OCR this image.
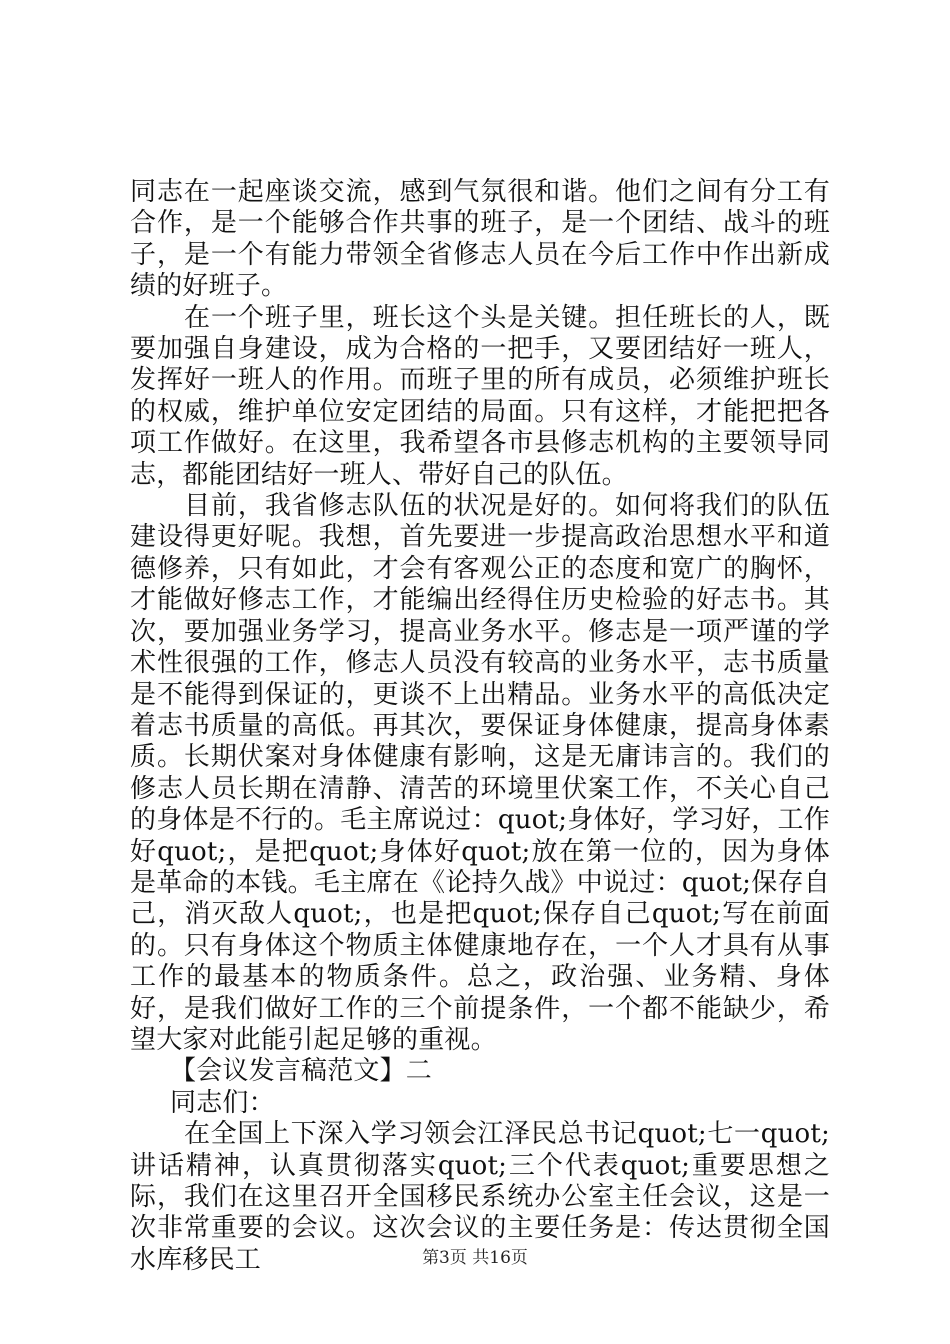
同志在一起座谈交流，感到气氛很和谐。他们之间有分工有合作，是一个能够合作共事的班子，是一个团结、战斗的班子，是一个有能力带领全省修志人员在今后工作中作出新成绩的好班子。

在一个班子里，班长这个头是关键。担任班长的人，既要加强自身建设，成为合格的一把手，又要团结好一班人，发挥好一班人的作用。而班子里的所有成员，必须维护班长的权威，维护单位安定团结的局面。只有这样，才能把把各项工作做好。在这里，我希望各市县修志机构的主要领导同志，都能团结好一班人、带好自己的队伍。

目前，我省修志队伍的状况是好的。如何将我们的队伍建设得更好呢。我想，首先要进一步提高政治思想水平和道德修养，只有如此，才会有客观公正的态度和宽广的胸怀，才能做好修志工作，才能编出经得住历史检验的好志书。其次，要加强业务学习，提高业务水平。修志是一项严谨的学术性很强的工作，修志人员没有较高的业务水平，志书质量是不能得到保证的，更谈不上出精品。业务水平的高低决定着志书质量的高低。再其次，要保证身体健康，提高身体素质。长期伏案对身体健康有影响，这是无庸讳言的。我们的修志人员长期在清静、清苦的环境里伏案工作，不关心自己的身体是不行的。毛主席说过：quot;身体好，学习好，工作好quot;，是把quot;身体好quot;放在第一位的，因为身体是革命的本钱。毛主席在《论持久战》中说过：quot;保存自己，消灭敌人quot;，也是把quot;保存自己quot;写在前面的。只有身体这个物质主体健康地存在，一个人才具有从事工作的最基本的物质条件。总之，政治强、业务精、身体好，是我们做好工作的三个前提条件，一个都不能缺少，希望大家对此能引起足够的重视。

【会议发言稿范文】二

同志们：

在全国上下深入学习领会江泽民总书记quot;七一quot;讲话精神，认真贯彻落实quot;三个代表quot;重要思想之际，我们在这里召开全国移民系统办公室主任会议，这是一次非常重要的会议。这次会议的主要任务是：传达贯彻全国水库移民工	第3页 共16页
